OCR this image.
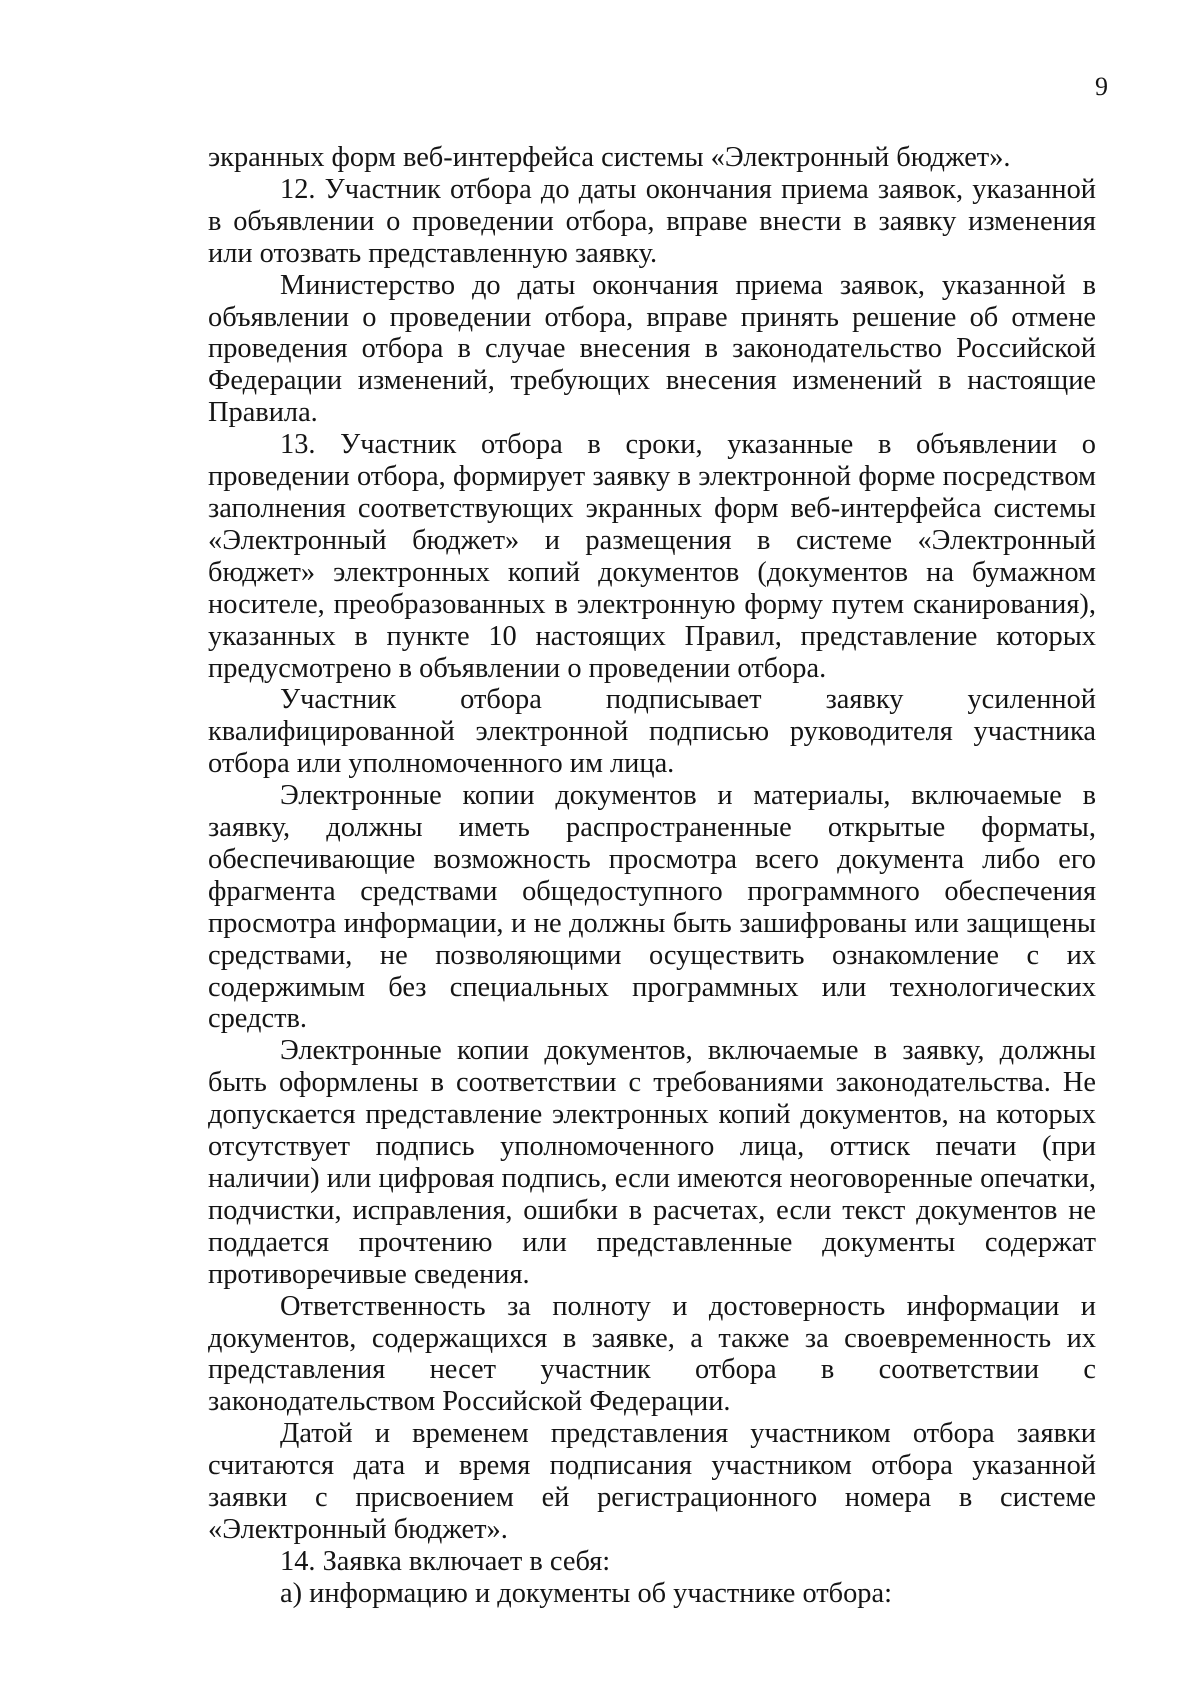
9

экранных форм веб-интерфейса системы «Электронный бюджет».

12. Участник отбора до даты окончания приема заявок, указанной в объявлении о проведении отбора, вправе внести в заявку изменения или отозвать представленную заявку.

Министерство до даты окончания приема заявок, указанной в объявлении о проведении отбора, вправе принять решение об отмене проведения отбора в случае внесения в законодательство Российской Федерации изменений, требующих внесения изменений в настоящие Правила.

13. Участник отбора в сроки, указанные в объявлении о проведении отбора, формирует заявку в электронной форме посредством заполнения соответствующих экранных форм веб-интерфейса системы «Электронный бюджет» и размещения в системе «Электронный бюджет» электронных копий документов (документов на бумажном носителе, преобразованных в электронную форму путем сканирования), указанных в пункте 10 настоящих Правил, представление которых предусмотрено в объявлении о проведении отбора.

Участник отбора подписывает заявку усиленной квалифицированной электронной подписью руководителя участника отбора или уполномоченного им лица.

Электронные копии документов и материалы, включаемые в заявку, должны иметь распространенные открытые форматы, обеспечивающие возможность просмотра всего документа либо его фрагмента средствами общедоступного программного обеспечения просмотра информации, и не должны быть зашифрованы или защищены средствами, не позволяющими осуществить ознакомление с их содержимым без специальных программных или технологических средств.

Электронные копии документов, включаемые в заявку, должны быть оформлены в соответствии с требованиями законодательства. Не допускается представление электронных копий документов, на которых отсутствует подпись уполномоченного лица, оттиск печати (при наличии) или цифровая подпись, если имеются неоговоренные опечатки, подчистки, исправления, ошибки в расчетах, если текст документов не поддается прочтению или представленные документы содержат противоречивые сведения.

Ответственность за полноту и достоверность информации и документов, содержащихся в заявке, а также за своевременность их представления несет участник отбора в соответствии с законодательством Российской Федерации.

Датой и временем представления участником отбора заявки считаются дата и время подписания участником отбора указанной заявки с присвоением ей регистрационного номера в системе «Электронный бюджет».

14. Заявка включает в себя:

а) информацию и документы об участнике отбора:
